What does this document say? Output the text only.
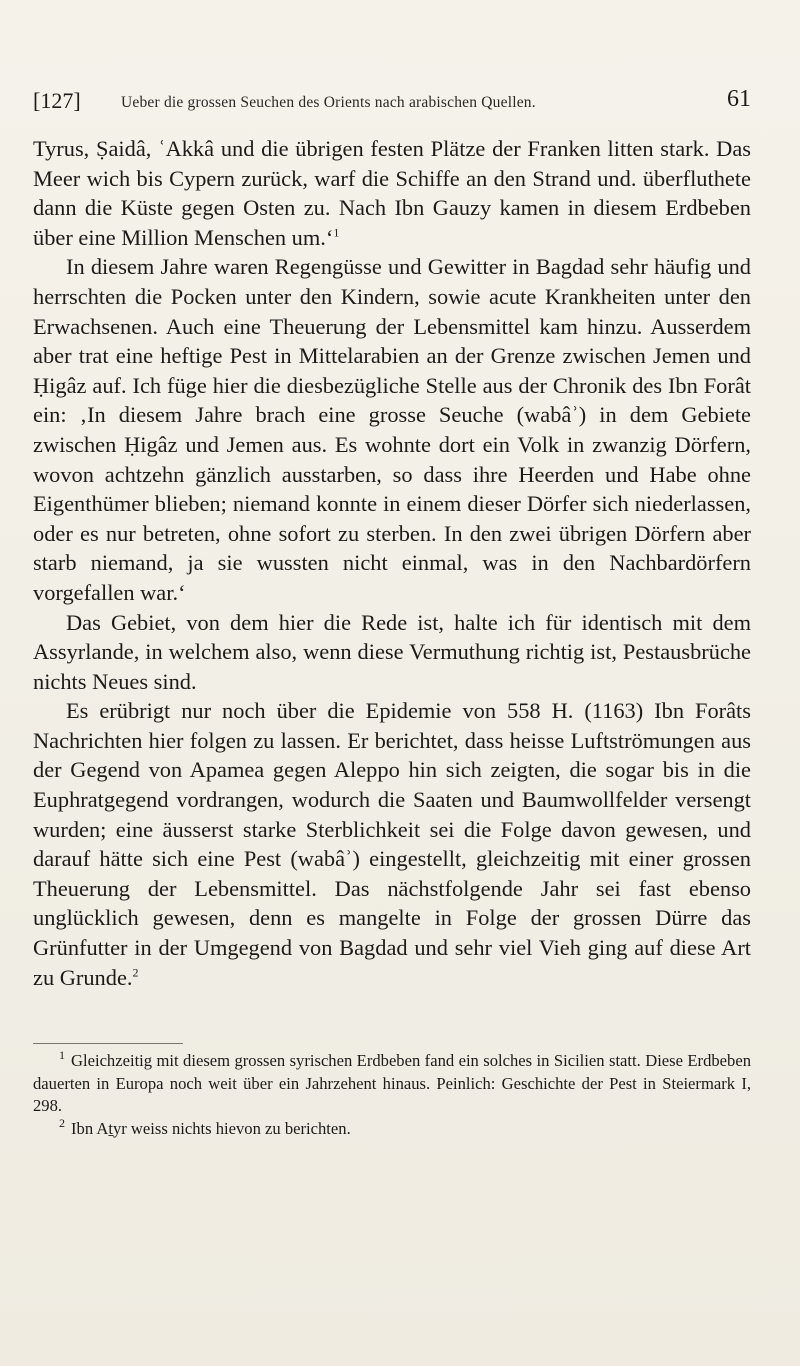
[127]	Ueber die grossen Seuchen des Orients nach arabischen Quellen.	61

Tyrus, Ṣaidâ, ʿAkkâ und die übrigen festen Plätze der Franken litten stark. Das Meer wich bis Cypern zurück, warf die Schiffe an den Strand und. überfluthete dann die Küste gegen Osten zu. Nach Ibn Gauzy kamen in diesem Erdbeben über eine Million Menschen um.‘$^1$

In diesem Jahre waren Regengüsse und Gewitter in Bagdad sehr häufig und herrschten die Pocken unter den Kindern, sowie acute Krankheiten unter den Erwachsenen. Auch eine Theuerung der Lebensmittel kam hinzu. Ausserdem aber trat eine heftige Pest in Mittelarabien an der Grenze zwischen Jemen und Ḥigâz auf. Ich füge hier die diesbezügliche Stelle aus der Chronik des Ibn Forât ein: ‚In diesem Jahre brach eine grosse Seuche (wabâʾ) in dem Gebiete zwischen Ḥigâz und Jemen aus. Es wohnte dort ein Volk in zwanzig Dörfern, wovon achtzehn gänzlich ausstarben, so dass ihre Heerden und Habe ohne Eigenthümer blieben; niemand konnte in einem dieser Dörfer sich niederlassen, oder es nur betreten, ohne sofort zu sterben. In den zwei übrigen Dörfern aber starb niemand, ja sie wussten nicht einmal, was in den Nachbardörfern vorgefallen war.‘

Das Gebiet, von dem hier die Rede ist, halte ich für identisch mit dem Assyrlande, in welchem also, wenn diese Vermuthung richtig ist, Pestausbrüche nichts Neues sind.

Es erübrigt nur noch über die Epidemie von 558 H. (1163) Ibn Forâts Nachrichten hier folgen zu lassen. Er berichtet, dass heisse Luftströmungen aus der Gegend von Apamea gegen Aleppo hin sich zeigten, die sogar bis in die Euphratgegend vordrangen, wodurch die Saaten und Baumwollfelder versengt wurden; eine äusserst starke Sterblichkeit sei die Folge davon gewesen, und darauf hätte sich eine Pest (wabâʾ) eingestellt, gleichzeitig mit einer grossen Theuerung der Lebensmittel. Das nächstfolgende Jahr sei fast ebenso unglücklich gewesen, denn es mangelte in Folge der grossen Dürre das Grünfutter in der Umgegend von Bagdad und sehr viel Vieh ging auf diese Art zu Grunde.$^2$

$^1$ Gleichzeitig mit diesem grossen syrischen Erdbeben fand ein solches in Sicilien statt. Diese Erdbeben dauerten in Europa noch weit über ein Jahrzehent hinaus. Peinlich: Geschichte der Pest in Steiermark I, 298.

$^2$ Ibn Aṯyr weiss nichts hievon zu berichten.
